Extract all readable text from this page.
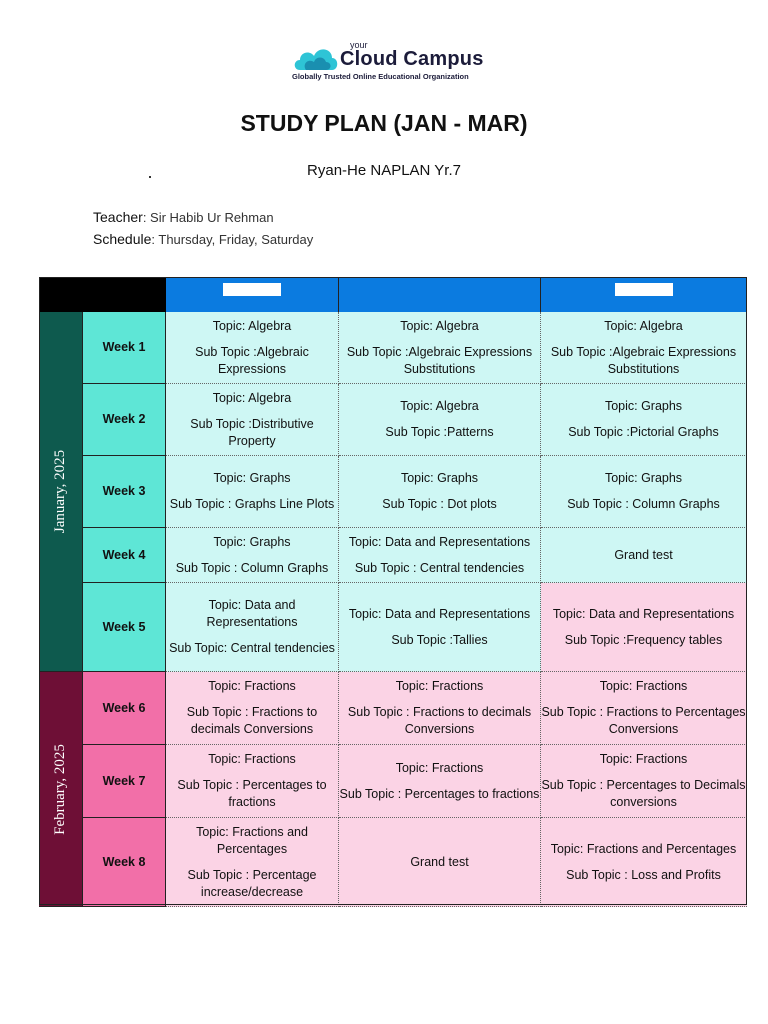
your
Cloud Campus
Globally Trusted Online Educational Organization
STUDY PLAN (JAN - MAR)
Ryan-He NAPLAN Yr.7
Teacher: Sir Habib Ur Rehman
Schedule: Thursday, Friday, Saturday
Week 1

Topic: Algebra

Sub Topic :Algebraic Expressions

Topic: Algebra

Sub Topic :Algebraic Expressions Substitutions

Topic: Algebra

Sub Topic :Algebraic Expressions Substitutions

Week 2

Topic: Algebra

Sub Topic :Distributive Property

Topic: Algebra

Sub Topic :Patterns

Topic: Graphs

Sub Topic :Pictorial Graphs

Week 3

Topic: Graphs

Sub Topic : Graphs Line Plots

Topic: Graphs

Sub Topic : Dot plots

Topic: Graphs

Sub Topic : Column Graphs

Week 4

Topic: Graphs

Sub Topic : Column Graphs

Topic: Data and Representations

Sub Topic : Central tendencies

Grand test

Week 5

Topic: Data and Representations

Sub Topic: Central tendencies

Topic: Data and Representations

Sub Topic :Tallies

Topic: Data and Representations

Sub Topic :Frequency tables

Week 6

Topic: Fractions

Sub Topic : Fractions to decimals Conversions

Topic: Fractions

Sub Topic : Fractions to decimals Conversions

Topic: Fractions

Sub Topic : Fractions to Percentages Conversions

Week 7

Topic: Fractions

Sub Topic : Percentages to fractions

Topic: Fractions

Sub Topic : Percentages to fractions

Topic: Fractions

Sub Topic : Percentages to Decimals conversions

Week 8

Topic: Fractions and Percentages

Sub Topic : Percentage increase/decrease

Grand test

Topic: Fractions and Percentages

Sub Topic : Loss and Profits

January, 2025
February, 2025
